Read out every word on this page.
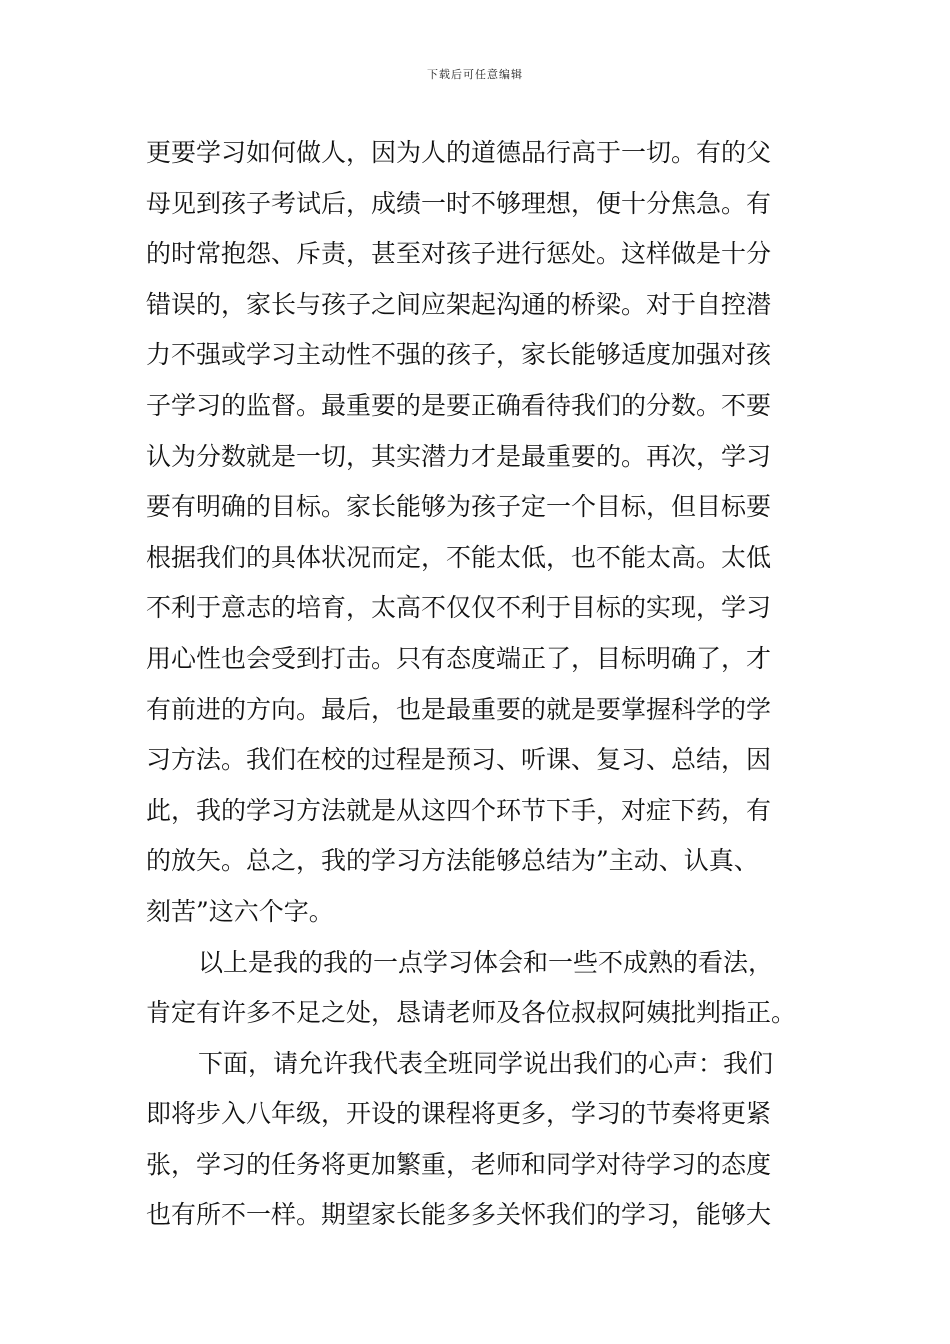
下载后可任意编辑
更要学习如何做人，因为人的道德品行高于一切。有的父
母见到孩子考试后，成绩一时不够理想，便十分焦急。有
的时常抱怨、斥责，甚至对孩子进行惩处。这样做是十分
错误的，家长与孩子之间应架起沟通的桥梁。对于自控潜
力不强或学习主动性不强的孩子，家长能够适度加强对孩
子学习的监督。最重要的是要正确看待我们的分数。不要
认为分数就是一切，其实潜力才是最重要的。再次，学习
要有明确的目标。家长能够为孩子定一个目标，但目标要
根据我们的具体状况而定，不能太低，也不能太高。太低
不利于意志的培育，太高不仅仅不利于目标的实现，学习
用心性也会受到打击。只有态度端正了，目标明确了，才
有前进的方向。最后，也是最重要的就是要掌握科学的学
习方法。我们在校的过程是预习、听课、复习、总结，因
此，我的学习方法就是从这四个环节下手，对症下药，有
的放矢。总之，我的学习方法能够总结为”主动、认真、
刻苦”这六个字。
以上是我的我的一点学习体会和一些不成熟的看法，
肯定有许多不足之处，恳请老师及各位叔叔阿姨批判指正。
下面，请允许我代表全班同学说出我们的心声：我们
即将步入八年级，开设的课程将更多，学习的节奏将更紧
张，学习的任务将更加繁重，老师和同学对待学习的态度
也有所不一样。期望家长能多多关怀我们的学习，能够大
